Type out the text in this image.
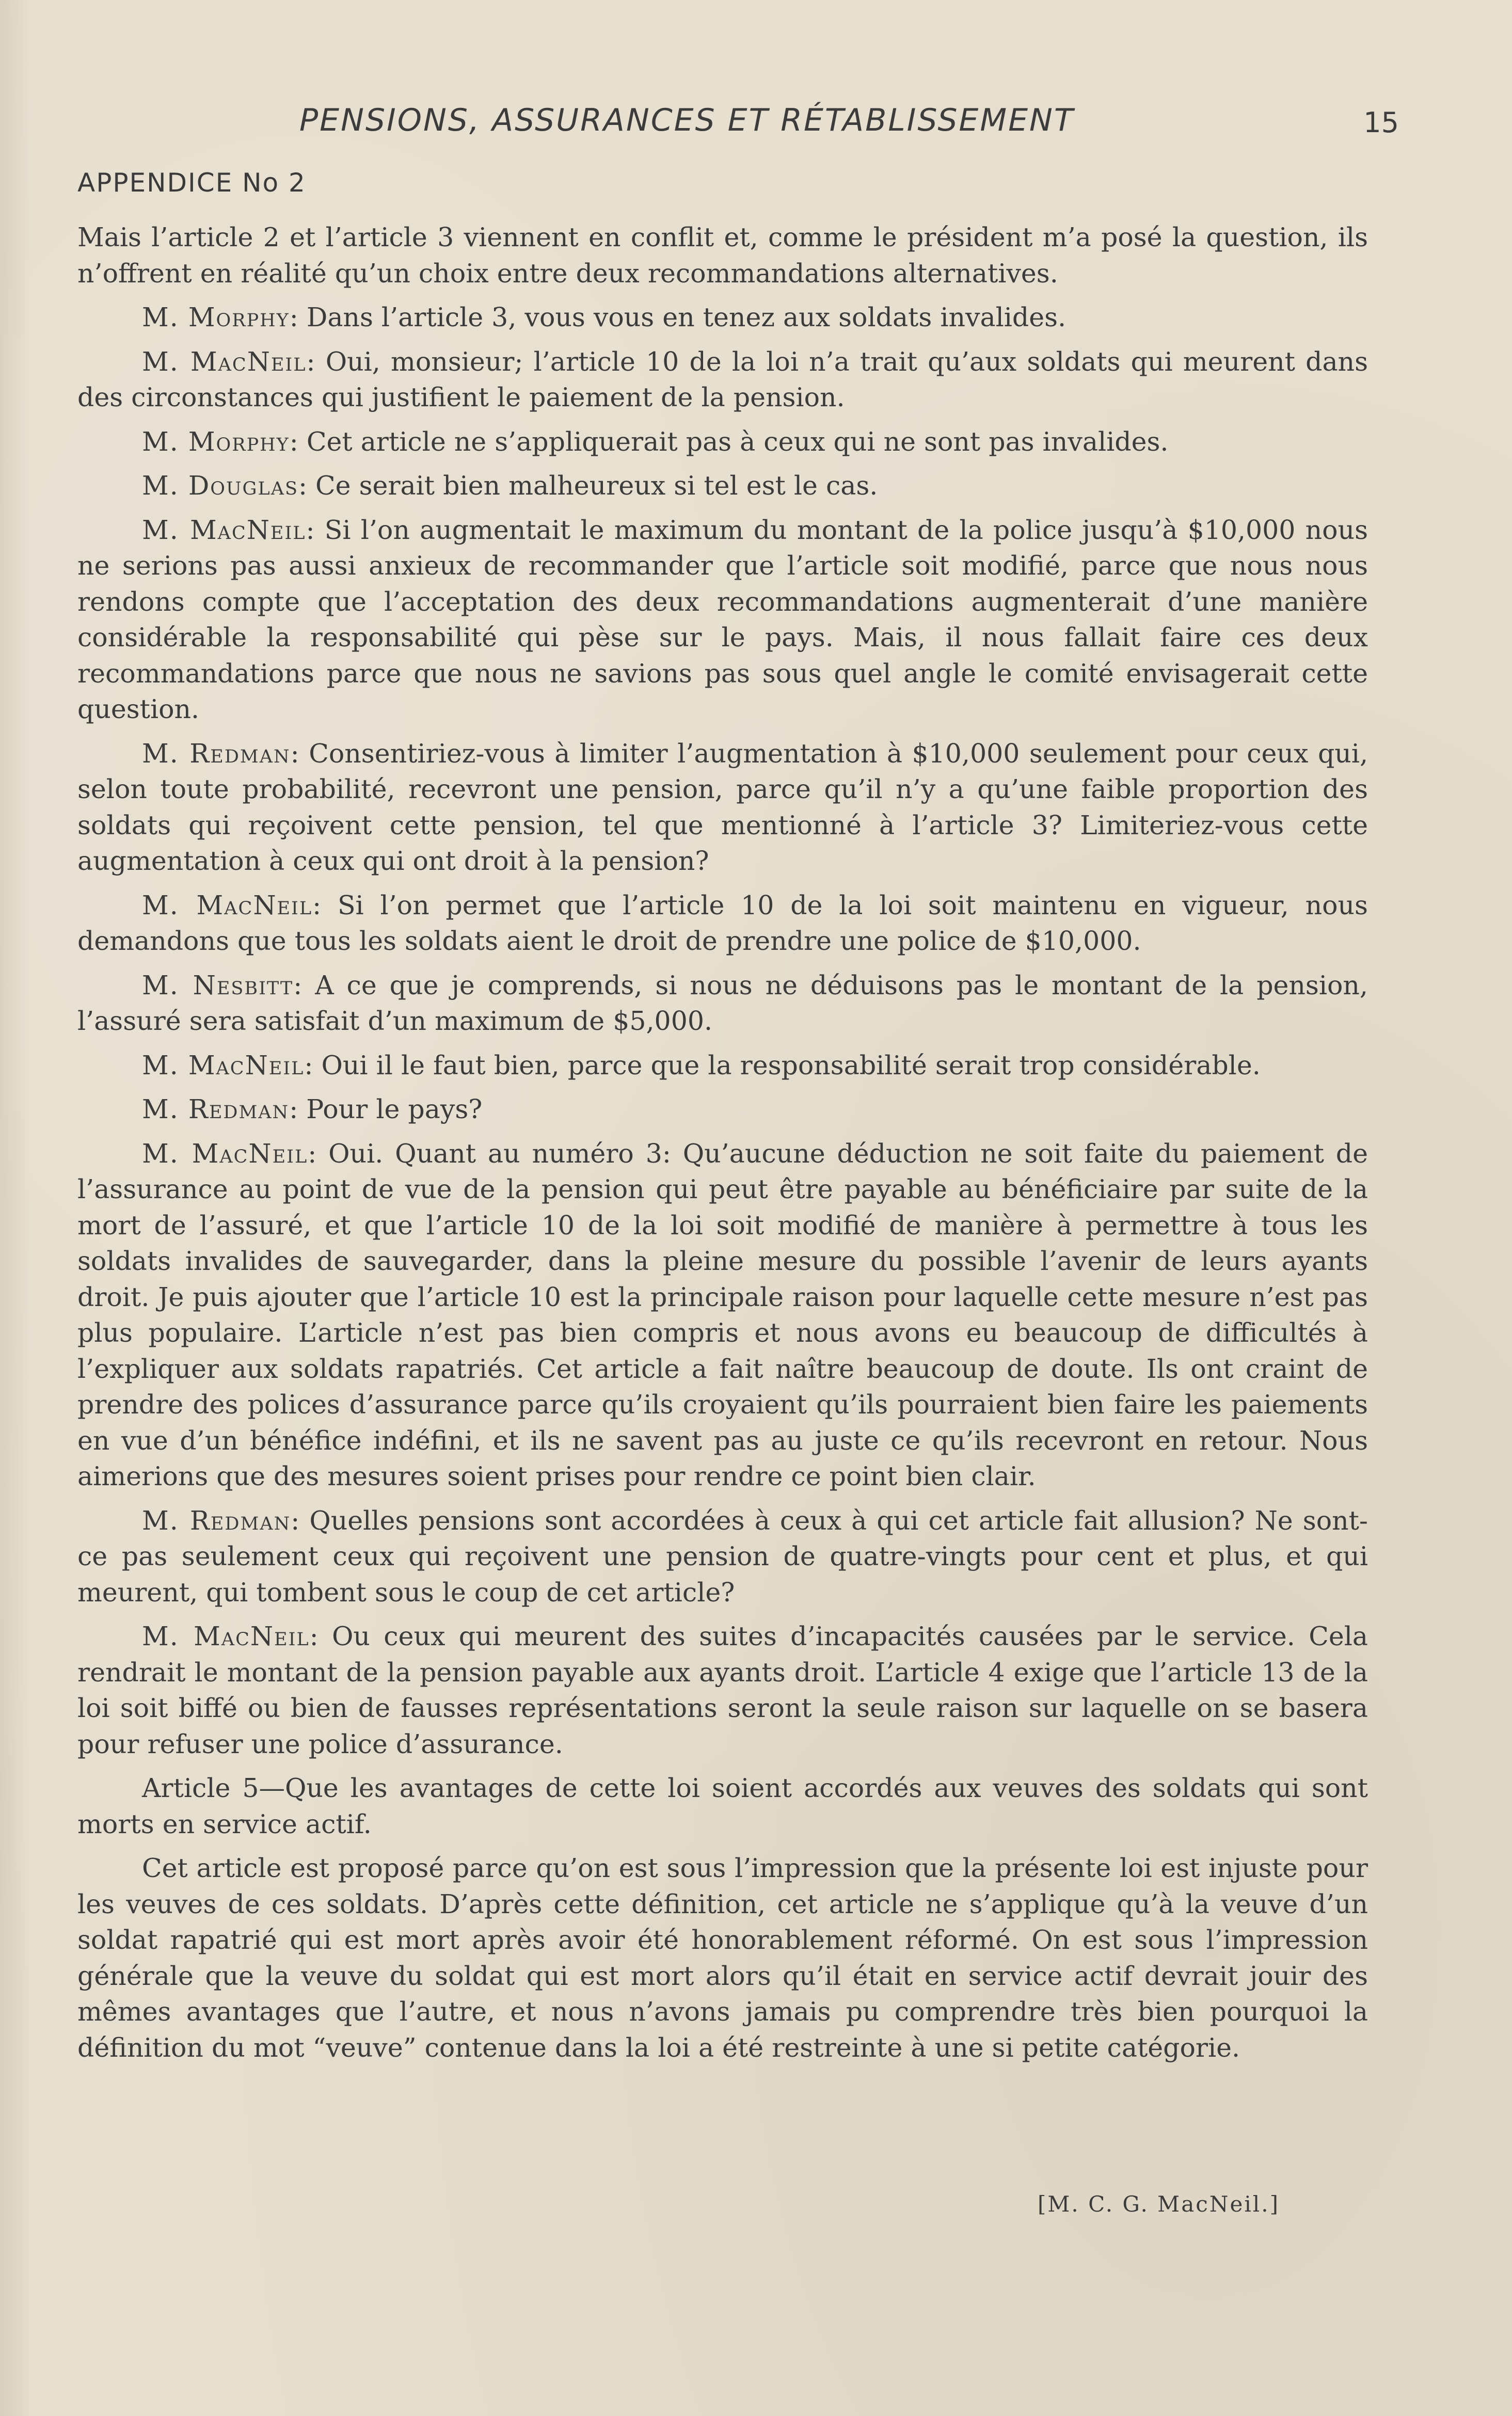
PENSIONS, ASSURANCES ET RÉTABLISSEMENT	15
APPENDICE No 2

Mais l’article 2 et l’article 3 viennent en conflit et, comme le président m’a posé la question, ils n’offrent en réalité qu’un choix entre deux recommandations alternatives.

M. Morphy: Dans l’article 3, vous vous en tenez aux soldats invalides.

M. MacNeil: Oui, monsieur; l’article 10 de la loi n’a trait qu’aux soldats qui meurent dans des circonstances qui justifient le paiement de la pension.

M. Morphy: Cet article ne s’appliquerait pas à ceux qui ne sont pas invalides.

M. Douglas: Ce serait bien malheureux si tel est le cas.

M. MacNeil: Si l’on augmentait le maximum du montant de la police jusqu’à $10,000 nous ne serions pas aussi anxieux de recommander que l’article soit modifié, parce que nous nous rendons compte que l’acceptation des deux recommandations augmenterait d’une manière considérable la responsabilité qui pèse sur le pays. Mais, il nous fallait faire ces deux recommandations parce que nous ne savions pas sous quel angle le comité envisagerait cette question.

M. Redman: Consentiriez-vous à limiter l’augmentation à $10,000 seulement pour ceux qui, selon toute probabilité, recevront une pension, parce qu’il n’y a qu’une faible proportion des soldats qui reçoivent cette pension, tel que mentionné à l’article 3? Limiteriez-vous cette augmentation à ceux qui ont droit à la pension?

M. MacNeil: Si l’on permet que l’article 10 de la loi soit maintenu en vigueur, nous demandons que tous les soldats aient le droit de prendre une police de $10,000.

M. Nesbitt: A ce que je comprends, si nous ne déduisons pas le montant de la pension, l’assuré sera satisfait d’un maximum de $5,000.

M. MacNeil: Oui il le faut bien, parce que la responsabilité serait trop considérable.

M. Redman: Pour le pays?

M. MacNeil: Oui. Quant au numéro 3: Qu’aucune déduction ne soit faite du paiement de l’assurance au point de vue de la pension qui peut être payable au bénéficiaire par suite de la mort de l’assuré, et que l’article 10 de la loi soit modifié de manière à permettre à tous les soldats invalides de sauvegarder, dans la pleine mesure du possible l’avenir de leurs ayants droit. Je puis ajouter que l’article 10 est la principale raison pour laquelle cette mesure n’est pas plus populaire. L’article n’est pas bien compris et nous avons eu beaucoup de difficultés à l’expliquer aux soldats rapatriés. Cet article a fait naître beaucoup de doute. Ils ont craint de prendre des polices d’assurance parce qu’ils croyaient qu’ils pourraient bien faire les paiements en vue d’un bénéfice indéfini, et ils ne savent pas au juste ce qu’ils recevront en retour. Nous aimerions que des mesures soient prises pour rendre ce point bien clair.

M. Redman: Quelles pensions sont accordées à ceux à qui cet article fait allusion? Ne sont-ce pas seulement ceux qui reçoivent une pension de quatre-vingts pour cent et plus, et qui meurent, qui tombent sous le coup de cet article?

M. MacNeil: Ou ceux qui meurent des suites d’incapacités causées par le service. Cela rendrait le montant de la pension payable aux ayants droit. L’article 4 exige que l’article 13 de la loi soit biffé ou bien de fausses représentations seront la seule raison sur laquelle on se basera pour refuser une police d’assurance.

Article 5—Que les avantages de cette loi soient accordés aux veuves des soldats qui sont morts en service actif.

Cet article est proposé parce qu’on est sous l’impression que la présente loi est injuste pour les veuves de ces soldats. D’après cette définition, cet article ne s’applique qu’à la veuve d’un soldat rapatrié qui est mort après avoir été honorablement réformé. On est sous l’impression générale que la veuve du soldat qui est mort alors qu’il était en service actif devrait jouir des mêmes avantages que l’autre, et nous n’avons jamais pu comprendre très bien pourquoi la définition du mot “veuve” contenue dans la loi a été restreinte à une si petite catégorie.

[M. C. G. MacNeil.]
